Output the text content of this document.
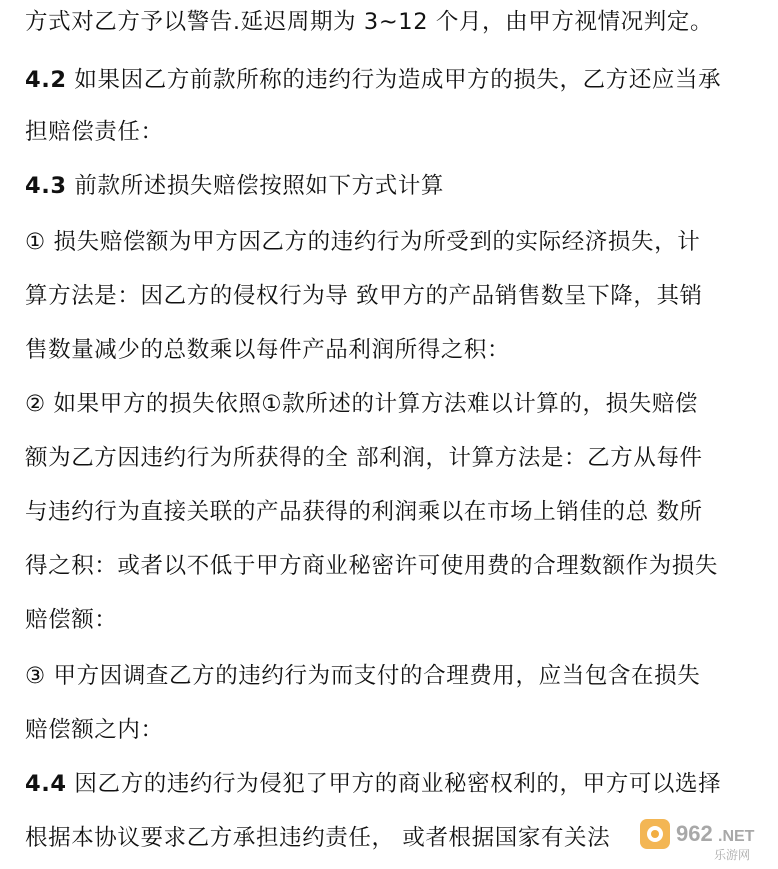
方式对乙方予以警告.延迟周期为 3~12 个月，由甲方视情况判定。
4.2 如果因乙方前款所称的违约行为造成甲方的损失，乙方还应当承
担赔偿责任：
4.3 前款所述损失赔偿按照如下方式计算
① 损失赔偿额为甲方因乙方的违约行为所受到的实际经济损失，计
算方法是：因乙方的侵权行为导 致甲方的产品销售数呈下降，其销
售数量减少的总数乘以每件产品利润所得之积：
② 如果甲方的损失依照①款所述的计算方法难以计算的，损失赔偿
额为乙方因违约行为所获得的全 部利润，计算方法是：乙方从每件
与违约行为直接关联的产品获得的利润乘以在市场上销佳的总 数所
得之积：或者以不低于甲方商业秘密许可使用费的合理数额作为损失
赔偿额：
③ 甲方因调查乙方的违约行为而支付的合理费用，应当包含在损失
赔偿额之内：
4.4 因乙方的违约行为侵犯了甲方的商业秘密权利的，甲方可以选择
根据本协议要求乙方承担违约责任， 或者根据国家有关法	962 .NET
乐游网
